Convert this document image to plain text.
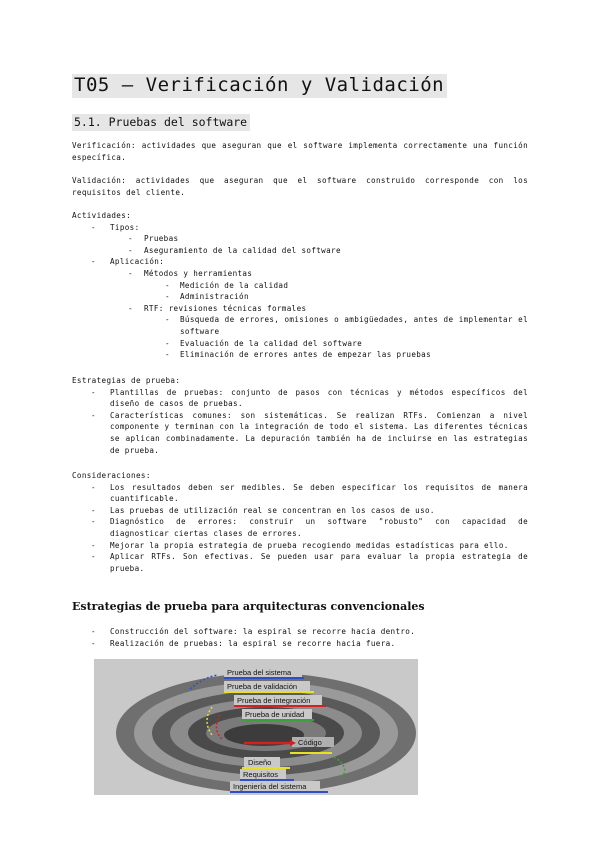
T05 – Verificación y Validación
5.1. Pruebas del software
Verificación: actividades que aseguran que el software implementa correctamente una función específica.
Validación: actividades que aseguran que el software construido corresponde con los requisitos del cliente.
Actividades:
- Tipos:
- Pruebas
- Aseguramiento de la calidad del software
- Aplicación:
- Métodos y herramientas
- Medición de la calidad
- Administración
- RTF: revisiones técnicas formales
- Búsqueda de errores, omisiones o ambigüedades, antes de implementar el software
- Evaluación de la calidad del software
- Eliminación de errores antes de empezar las pruebas
Estrategias de prueba:
- Plantillas de pruebas: conjunto de pasos con técnicas y métodos específicos del diseño de casos de pruebas.
- Características comunes: son sistemáticas. Se realizan RTFs. Comienzan a nivel componente y terminan con la integración de todo el sistema. Las diferentes técnicas se aplican combinadamente. La depuración también ha de incluirse en las estrategias de prueba.
Consideraciones:
- Los resultados deben ser medibles. Se deben especificar los requisitos de manera cuantificable.
- Las pruebas de utilización real se concentran en los casos de uso.
- Diagnóstico de errores: construir un software "robusto" con capacidad de diagnosticar ciertas clases de errores.
- Mejorar la propia estrategia de prueba recogiendo medidas estadísticas para ello.
- Aplicar RTFs. Son efectivas. Se pueden usar para evaluar la propia estrategia de prueba.
Estrategias de prueba para arquitecturas convencionales
- Construcción del software: la espiral se recorre hacia dentro.
- Realización de pruebas: la espiral se recorre hacia fuera.
Prueba del sistema
Prueba de validación
Prueba de integración
Prueba de unidad
Código
Diseño
Requisitos
Ingeniería del sistema
